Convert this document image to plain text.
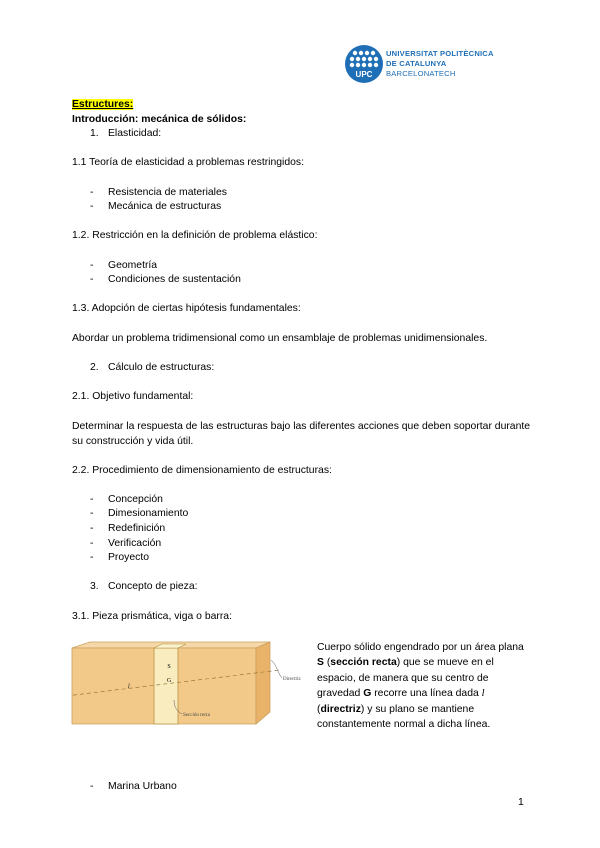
UPC
UNIVERSITAT POLITÈCNICA
DE CATALUNYA
BARCELONATECH
Estructures:
Introducción: mecánica de sólidos:
1. Elasticidad:
1.1 Teoría de elasticidad a problemas restringidos:
- Resistencia de materiales
- Mecánica de estructuras
1.2. Restricción en la definición de problema elástico:
- Geometría
- Condiciones de sustentación
1.3. Adopción de ciertas hipótesis fundamentales:
Abordar un problema tridimensional como un ensamblaje de problemas unidimensionales.
2. Cálculo de estructuras:
2.1. Objetivo fundamental:
Determinar la respuesta de las estructuras bajo las diferentes acciones que deben soportar durante su construcción y vida útil.
2.2. Procedimiento de dimensionamiento de estructuras:
- Concepción
- Dimesionamiento
- Redefinición
- Verificación
- Proyecto
3. Concepto de pieza:
3.1. Pieza prismática, viga o barra:
S
G
l
Directriz
Sección recta
Cuerpo sólido engendrado por un área plana S (sección recta) que se mueve en el espacio, de manera que su centro de gravedad G recorre una línea dada l (directriz) y su plano se mantiene constantemente normal a dicha línea.
- Marina Urbano
1
